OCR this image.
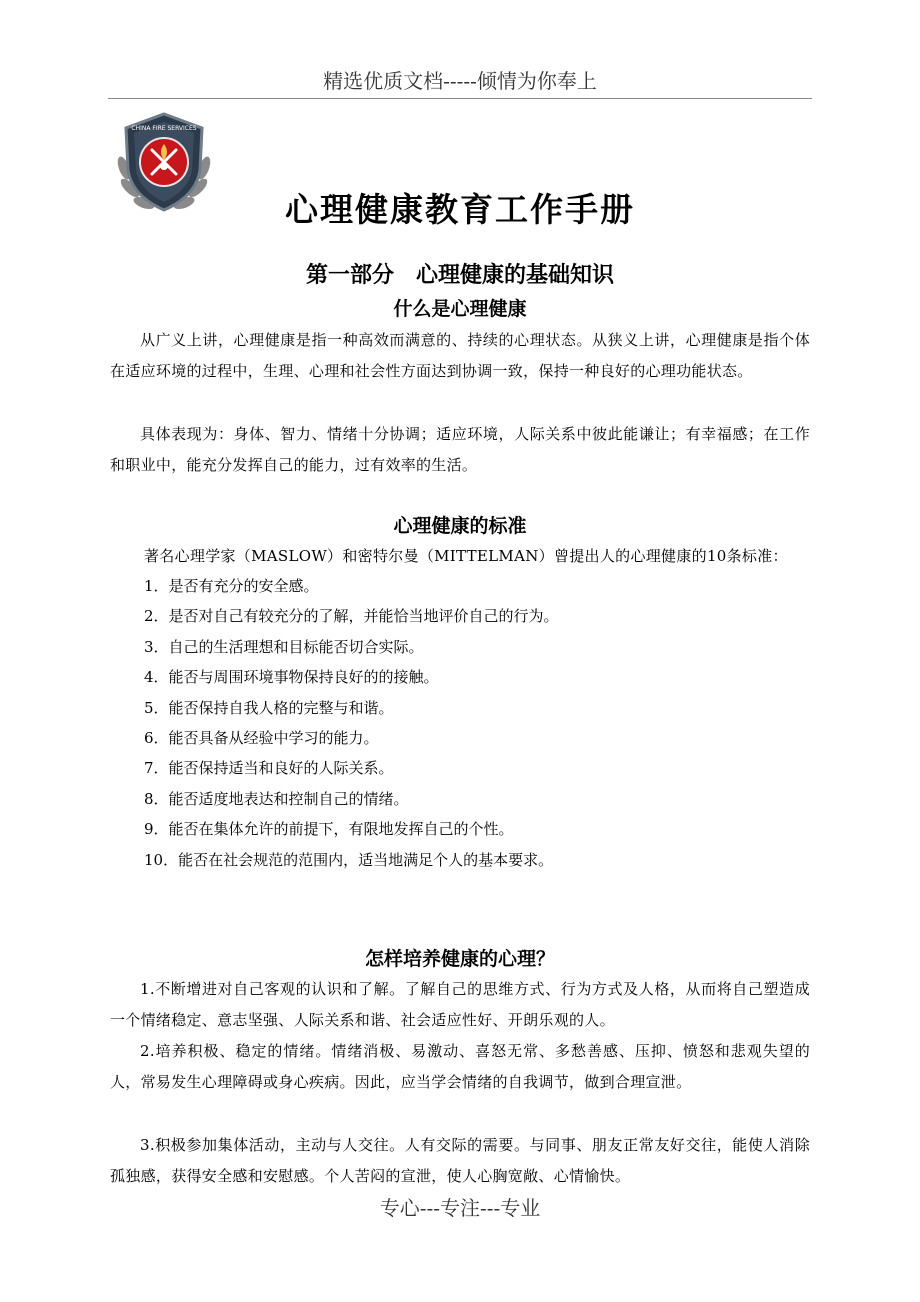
精选优质文档-----倾情为你奉上
CHINA FIRE SERVICES
心理健康教育工作手册
第一部分　心理健康的基础知识
什么是心理健康
从广义上讲，心理健康是指一种高效而满意的、持续的心理状态。从狭义上讲，心理健康是指个体在适应环境的过程中，生理、心理和社会性方面达到协调一致，保持一种良好的心理功能状态。
具体表现为：身体、智力、情绪十分协调；适应环境，人际关系中彼此能谦让；有幸福感；在工作和职业中，能充分发挥自己的能力，过有效率的生活。
心理健康的标准
著名心理学家（MASLOW）和密特尔曼（MITTELMAN）曾提出人的心理健康的10条标准：
1．是否有充分的安全感。
2．是否对自己有较充分的了解，并能恰当地评价自己的行为。
3．自己的生活理想和目标能否切合实际。
4．能否与周围环境事物保持良好的的接触。
5．能否保持自我人格的完整与和谐。
6．能否具备从经验中学习的能力。
7．能否保持适当和良好的人际关系。
8．能否适度地表达和控制自己的情绪。
9．能否在集体允许的前提下，有限地发挥自己的个性。
10．能否在社会规范的范围内，适当地满足个人的基本要求。
怎样培养健康的心理？
1.不断增进对自己客观的认识和了解。了解自己的思维方式、行为方式及人格，从而将自己塑造成一个情绪稳定、意志坚强、人际关系和谐、社会适应性好、开朗乐观的人。
2.培养积极、稳定的情绪。情绪消极、易激动、喜怒无常、多愁善感、压抑、愤怒和悲观失望的人，常易发生心理障碍或身心疾病。因此，应当学会情绪的自我调节，做到合理宣泄。
3.积极参加集体活动，主动与人交往。人有交际的需要。与同事、朋友正常友好交往，能使人消除孤独感，获得安全感和安慰感。个人苦闷的宣泄，使人心胸宽敞、心情愉快。
专心---专注---专业
